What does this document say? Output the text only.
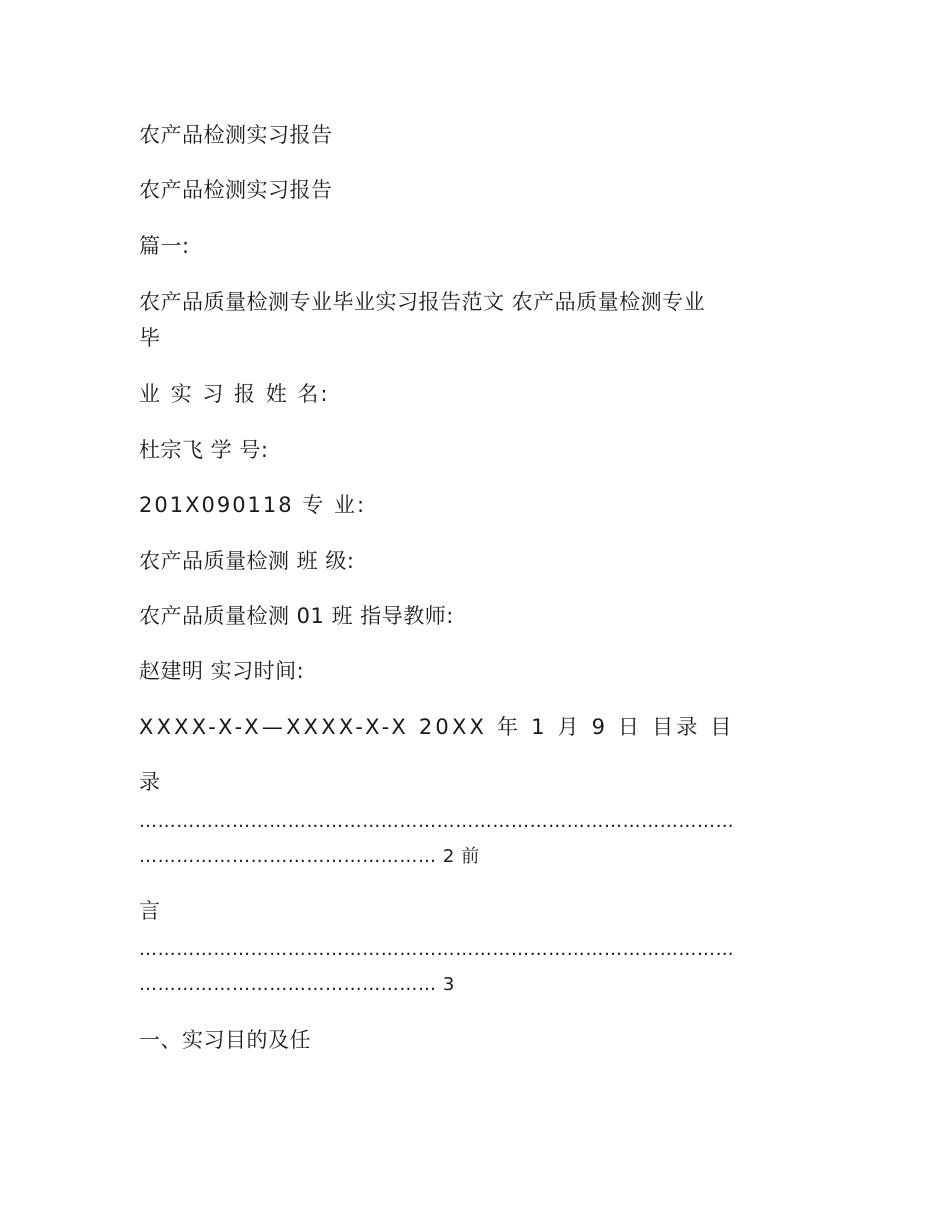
农产品检测实习报告
农产品检测实习报告
篇一:
农产品质量检测专业毕业实习报告范文 农产品质量检测专业
毕
业 实 习 报 姓 名:
杜宗飞 学 号:
201X090118 专 业:
农产品质量检测 班 级:
农产品质量检测 01 班 指导教师:
赵建明 实习时间:
XXXX-X-X—XXXX-X-X 20XX 年 1 月 9 日 目录 目
录
……………………………………………………………………………………
………………………………………… 2 前
言
……………………………………………………………………………………
………………………………………… 3
一、实习目的及任
